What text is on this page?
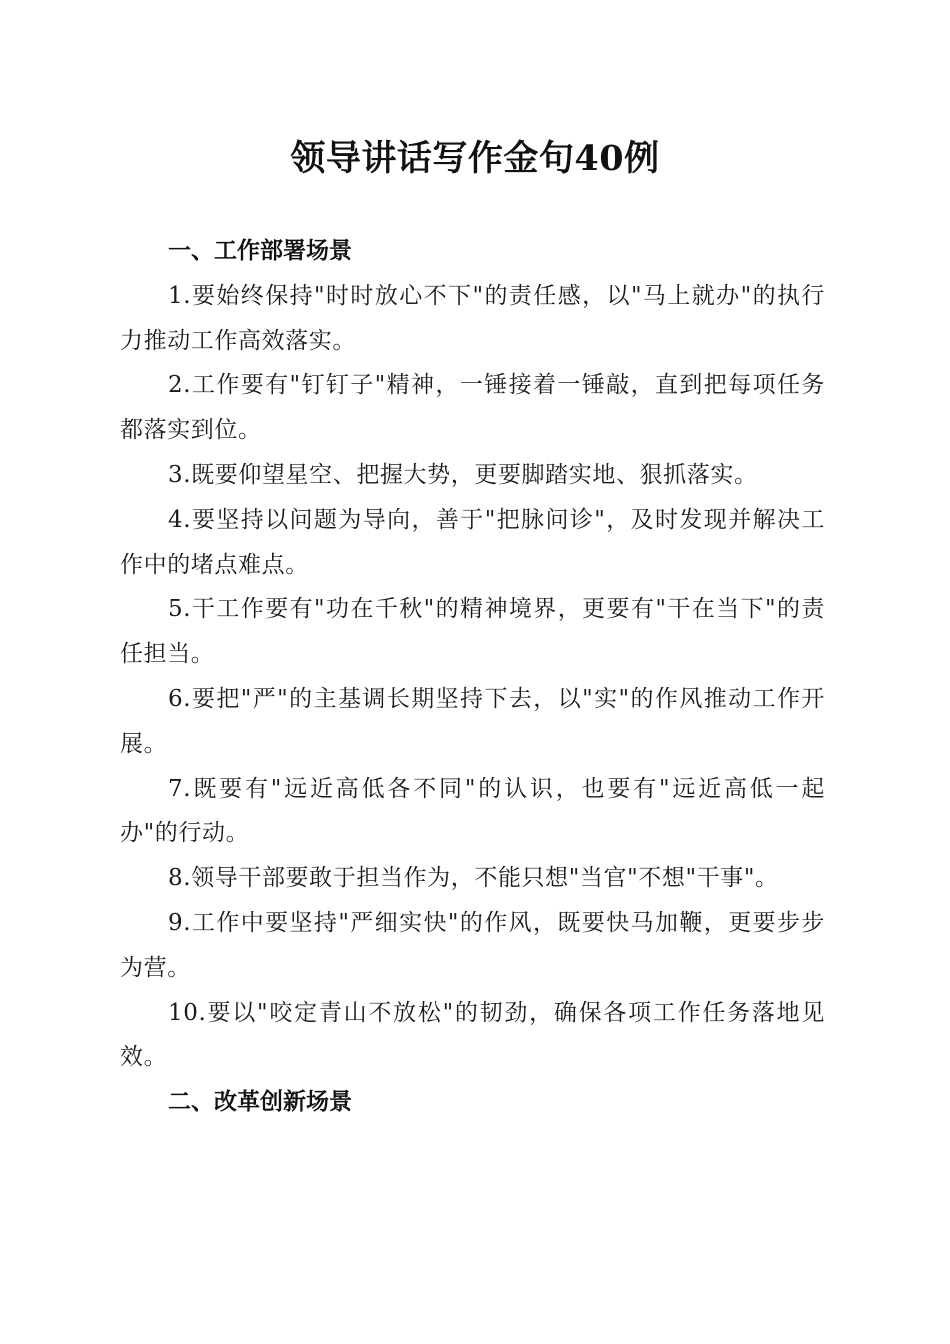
领导讲话写作金句40例

一、工作部署场景

1.要始终保持"时时放心不下"的责任感，以"马上就办"的执行力推动工作高效落实。

2.工作要有"钉钉子"精神，一锤接着一锤敲，直到把每项任务都落实到位。

3.既要仰望星空、把握大势，更要脚踏实地、狠抓落实。

4.要坚持以问题为导向，善于"把脉问诊"，及时发现并解决工作中的堵点难点。

5.干工作要有"功在千秋"的精神境界，更要有"干在当下"的责任担当。

6.要把"严"的主基调长期坚持下去，以"实"的作风推动工作开展。

7.既要有"远近高低各不同"的认识，也要有"远近高低一起办"的行动。

8.领导干部要敢于担当作为，不能只想"当官"不想"干事"。

9.工作中要坚持"严细实快"的作风，既要快马加鞭，更要步步为营。

10.要以"咬定青山不放松"的韧劲，确保各项工作任务落地见效。

二、改革创新场景
